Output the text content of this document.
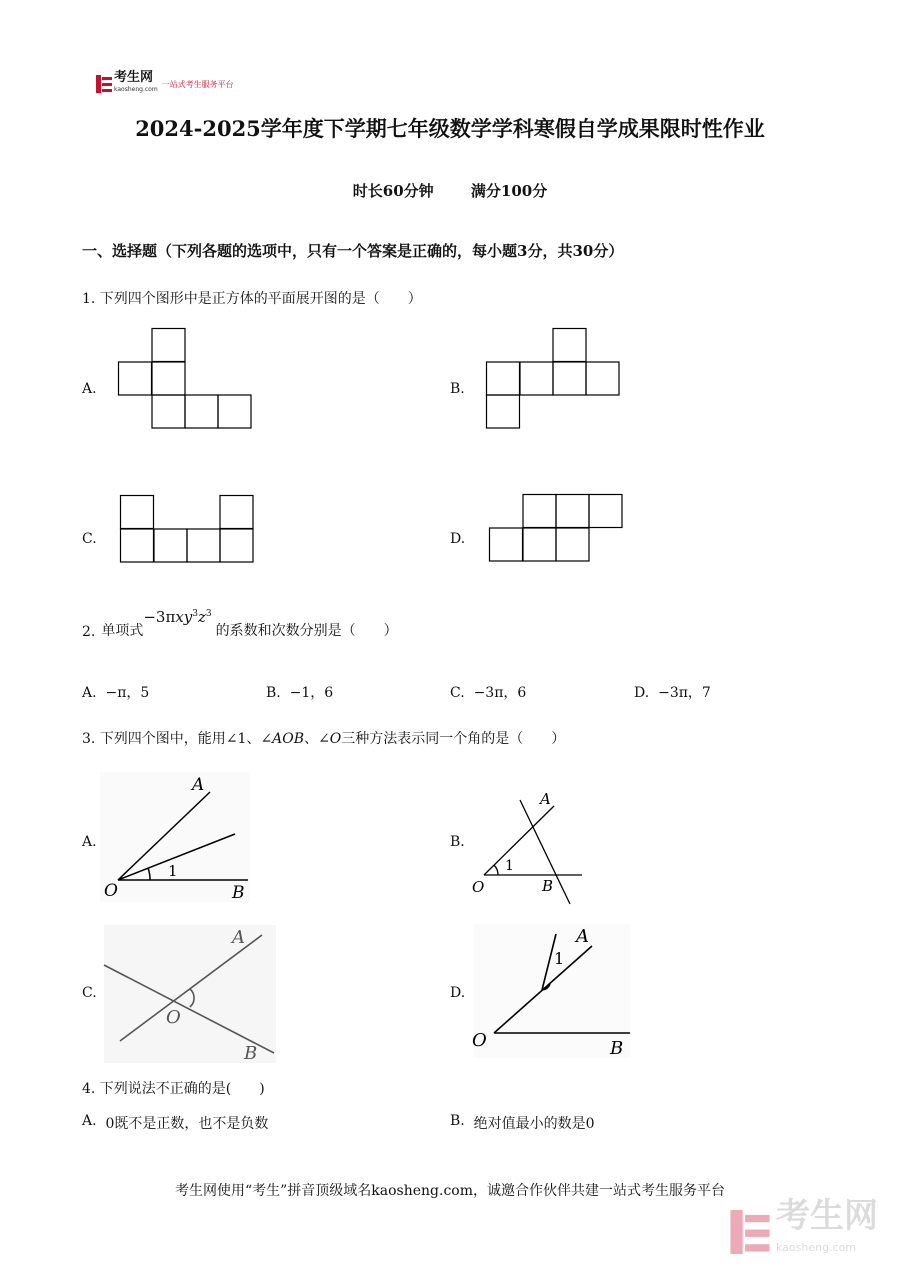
考生网
kaosheng.com
一站式考生服务平台
2024-2025学年度下学期七年级数学学科寒假自学成果限时性作业
时长60分钟 满分100分
一、选择题（下列各题的选项中，只有一个答案是正确的，每小题3分，共30分）
1. 下列四个图形中是正方体的平面展开图的是（　　）
A.	B.
C.	D.
2. 单项式
$-3\pi xy^3z^3$
的系数和次数分别是（　　）
A. −π，5	B. −1，6	C. −3π，6	D. −3π，7
3. 下列四个图中，能用∠1、∠AOB、∠O三种方法表示同一个角的是（　　）
A.
A
1
O	B
B.
A
1
O	B
C.
A
O
B
D.
A
1
O	B
4. 下列说法不正确的是(　　)
A. 0既不是正数，也不是负数	B. 绝对值最小的数是0
考生网使用“考生”拼音顶级域名kaosheng.com，诚邀合作伙伴共建一站式考生服务平台
考生网
kaosheng.com
